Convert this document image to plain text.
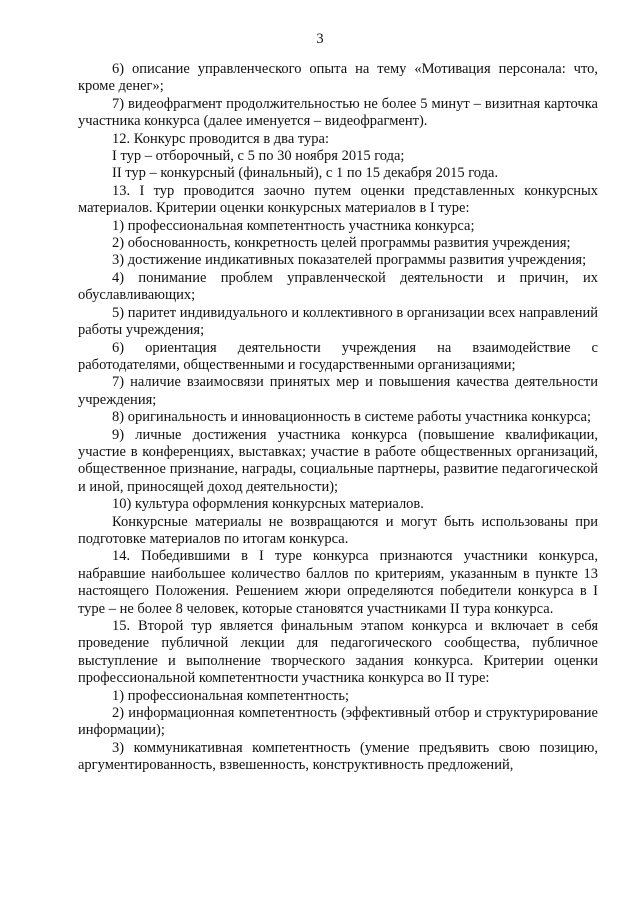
3

6) описание управленческого опыта на тему «Мотивация персонала: что, кроме денег»;

7) видеофрагмент продолжительностью не более 5 минут – визитная карточка участника конкурса (далее именуется – видеофрагмент).

12. Конкурс проводится в два тура:

I тур – отборочный, с 5 по 30 ноября 2015 года;

II тур – конкурсный (финальный), с 1 по 15 декабря 2015 года.

13. I тур проводится заочно путем оценки представленных конкурсных материалов. Критерии оценки конкурсных материалов в I туре:

1) профессиональная компетентность участника конкурса;

2) обоснованность, конкретность целей программы развития учреждения;

3) достижение индикативных показателей программы развития учреждения;

4) понимание проблем управленческой деятельности и причин, их обуславливающих;

5) паритет индивидуального и коллективного в организации всех направлений работы учреждения;

6) ориентация деятельности учреждения на взаимодействие с работодателями, общественными и государственными организациями;

7) наличие взаимосвязи принятых мер и повышения качества деятельности учреждения;

8) оригинальность и инновационность в системе работы участника конкурса;

9) личные достижения участника конкурса (повышение квалификации, участие в конференциях, выставках; участие в работе общественных организаций, общественное признание, награды, социальные партнеры, развитие педагогической и иной, приносящей доход деятельности);

10) культура оформления конкурсных материалов.

Конкурсные материалы не возвращаются и могут быть использованы при подготовке материалов по итогам конкурса.

14. Победившими в I туре конкурса признаются участники конкурса, набравшие наибольшее количество баллов по критериям, указанным в пункте 13 настоящего Положения. Решением жюри определяются победители конкурса в I туре – не более 8 человек, которые становятся участниками II тура конкурса.

15. Второй тур является финальным этапом конкурса и включает в себя проведение публичной лекции для педагогического сообщества, публичное выступление и выполнение творческого задания конкурса. Критерии оценки профессиональной компетентности участника конкурса во II туре:

1) профессиональная компетентность;

2) информационная компетентность (эффективный отбор и структурирование информации);

3) коммуникативная компетентность (умение предъявить свою позицию, аргументированность, взвешенность, конструктивность предложений,
